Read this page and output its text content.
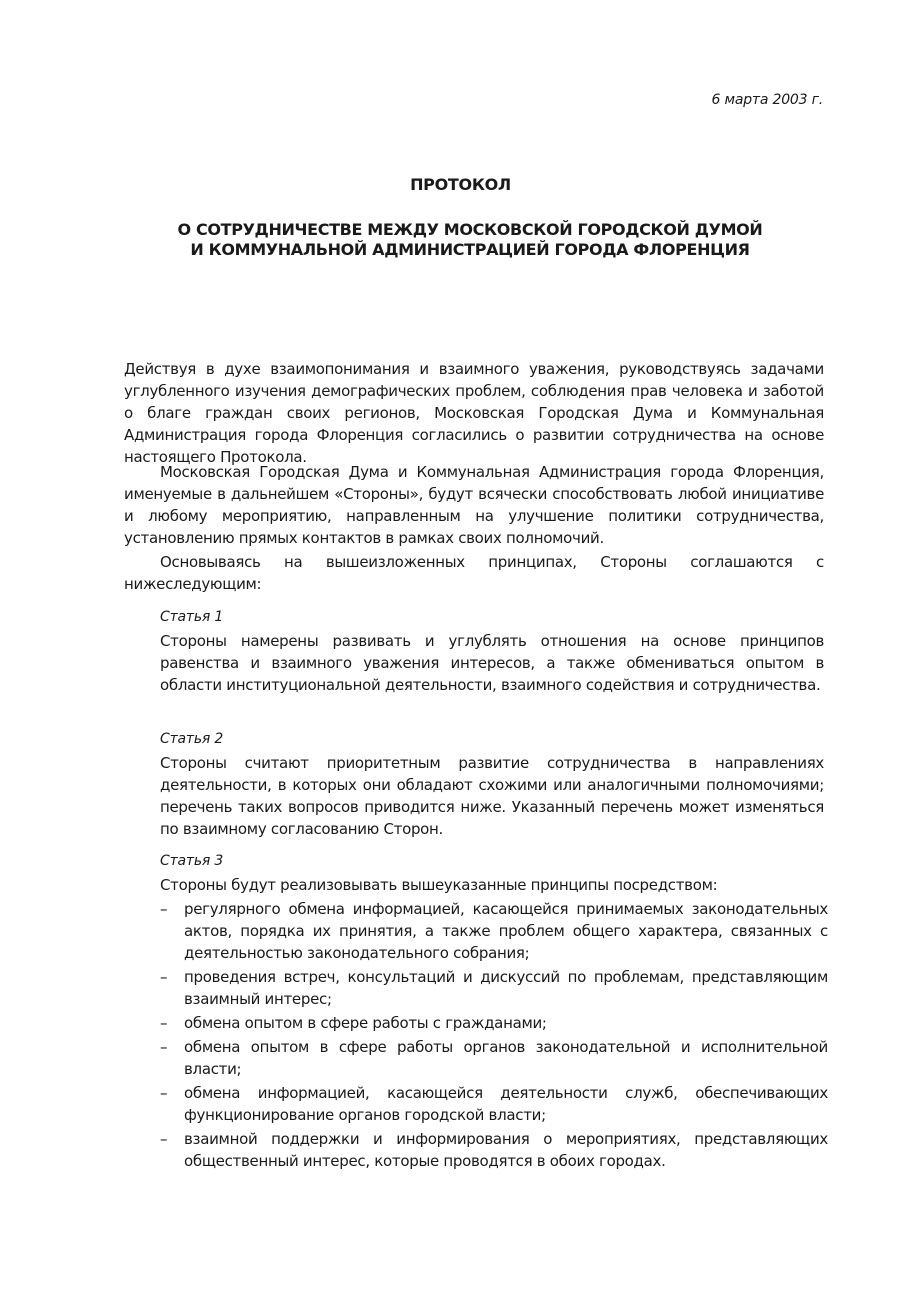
6 марта 2003 г.
ПРОТОКОЛ
О СОТРУДНИЧЕСТВЕ МЕЖДУ МОСКОВСКОЙ ГОРОДСКОЙ ДУМОЙ
И КОММУНАЛЬНОЙ АДМИНИСТРАЦИЕЙ ГОРОДА ФЛОРЕНЦИЯ

Действуя в духе взаимопонимания и взаимного уважения, руководствуясь задачами углубленного изучения демографических проблем, соблюдения прав человека и заботой о благе граждан своих регионов, Московская Городская Дума и Коммунальная Администрация города Флоренция согласились о развитии сотрудничества на основе настоящего Протокола.

Московская Городская Дума и Коммунальная Администрация города Флоренция, именуемые в дальнейшем «Стороны», будут всячески способствовать любой инициативе и любому мероприятию, направленным на улучшение политики сотрудничества, установлению прямых контактов в рамках своих полномочий.

Основываясь на вышеизложенных принципах, Стороны соглашаются с нижеследующим:

Статья 1

Стороны намерены развивать и углублять отношения на основе принципов равенства и взаимного уважения интересов, а также обмениваться опытом в области институциональной деятельности, взаимного содействия и сотрудничества.

Статья 2

Стороны считают приоритетным развитие сотрудничества в направлениях деятельности, в которых они обладают схожими или аналогичными полномочиями; перечень таких вопросов приводится ниже. Указанный перечень может изменяться по взаимному согласованию Сторон.

Статья 3

Стороны будут реализовывать вышеуказанные принципы посредством:

– регулярного обмена информацией, касающейся принимаемых законодательных актов, порядка их принятия, а также проблем общего характера, связанных с деятельностью законодательного собрания;
– проведения встреч, консультаций и дискуссий по проблемам, представляющим взаимный интерес;
– обмена опытом в сфере работы с гражданами;
– обмена опытом в сфере работы органов законодательной и исполнительной власти;
– обмена информацией, касающейся деятельности служб, обеспечивающих функционирование органов городской власти;
– взаимной поддержки и информирования о мероприятиях, представляющих общественный интерес, которые проводятся в обоих городах.
